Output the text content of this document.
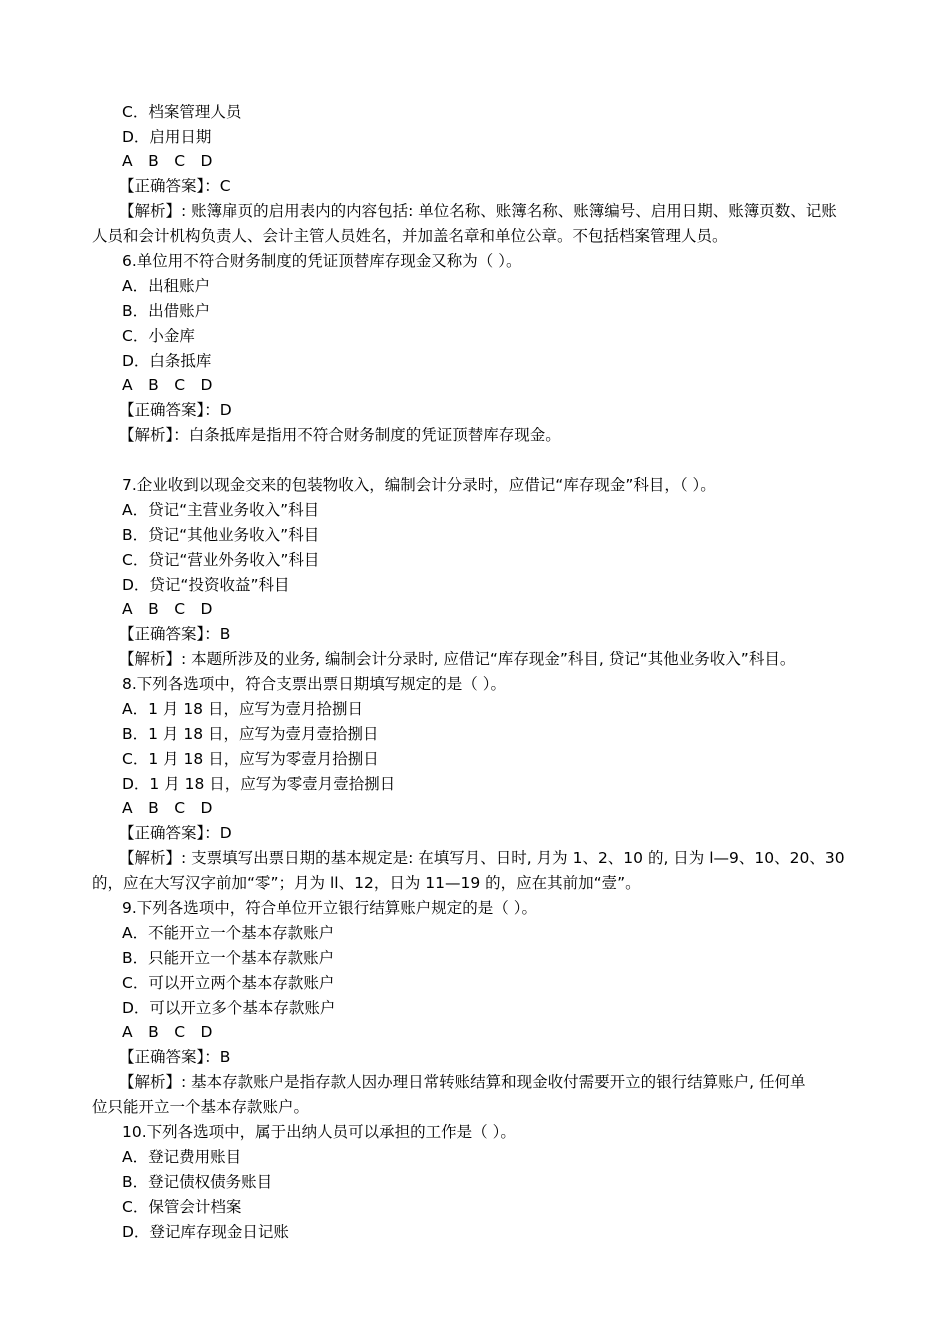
C．档案管理人员
D．启用日期
A　B　C　D
【正确答案】：C
【解析】: 账簿扉页的启用表内的内容包括: 单位名称、账簿名称、账簿编号、启用日期、账簿页数、记账
人员和会计机构负责人、会计主管人员姓名，并加盖名章和单位公章。不包括档案管理人员。
6.单位用不符合财务制度的凭证顶替库存现金又称为（ ）。
A．出租账户
B．出借账户
C．小金库
D．白条抵库
A　B　C　D
【正确答案】：D
【解析】：白条抵库是指用不符合财务制度的凭证顶替库存现金。
7.企业收到以现金交来的包装物收入，编制会计分录时，应借记“库存现金”科目，（ ）。
A．贷记“主营业务收入”科目
B．贷记“其他业务收入”科目
C．贷记“营业外务收入”科目
D．贷记“投资收益”科目
A　B　C　D
【正确答案】：B
【解析】: 本题所涉及的业务, 编制会计分录时, 应借记“库存现金”科目, 贷记“其他业务收入”科目。
8.下列各选项中，符合支票出票日期填写规定的是（ ）。
A．1 月 18 日，应写为壹月拾捌日
B．1 月 18 日，应写为壹月壹拾捌日
C．1 月 18 日，应写为零壹月拾捌日
D．1 月 18 日，应写为零壹月壹拾捌日
A　B　C　D
【正确答案】：D
【解析】: 支票填写出票日期的基本规定是: 在填写月、日时, 月为 1、2、10 的, 日为 l—9、10、20、30
的，应在大写汉字前加“零”；月为 ll、12，日为 11—19 的，应在其前加“壹”。
9.下列各选项中，符合单位开立银行结算账户规定的是（ ）。
A．不能开立一个基本存款账户
B．只能开立一个基本存款账户
C．可以开立两个基本存款账户
D．可以开立多个基本存款账户
A　B　C　D
【正确答案】：B
【解析】: 基本存款账户是指存款人因办理日常转账结算和现金收付需要开立的银行结算账户, 任何单
位只能开立一个基本存款账户。
10.下列各选项中，属于出纳人员可以承担的工作是（ ）。
A．登记费用账目
B．登记债权债务账目
C．保管会计档案
D．登记库存现金日记账
